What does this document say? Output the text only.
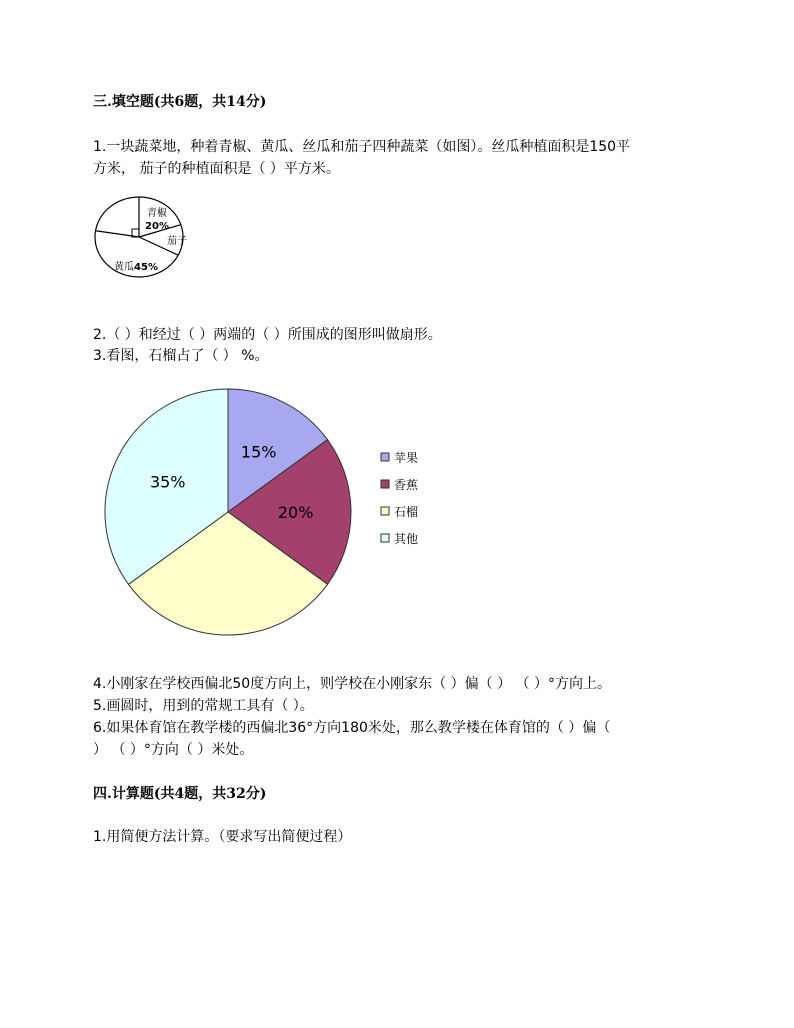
三.填空题(共6题，共14分)
1.一块蔬菜地，种着青椒、黄瓜、丝瓜和茄子四种蔬菜（如图）。丝瓜种植面积是150平
方米， 茄子的种植面积是（ ）平方米。
青椒
20%
茄子
黄瓜45%
2.（ ）和经过（ ）两端的（ ）所围成的图形叫做扇形。
3.看图，石榴占了（ ） %。
15%
20%
35%
苹果
香蕉
石榴
其他
4.小刚家在学校西偏北50度方向上，则学校在小刚家东（ ）偏（ ） （ ）°方向上。
5.画圆时，用到的常规工具有（ ）。
6.如果体育馆在教学楼的西偏北36°方向180米处，那么教学楼在体育馆的（ ）偏（
） （ ）°方向（ ）米处。
四.计算题(共4题，共32分)
1.用简便方法计算。（要求写出简便过程）
